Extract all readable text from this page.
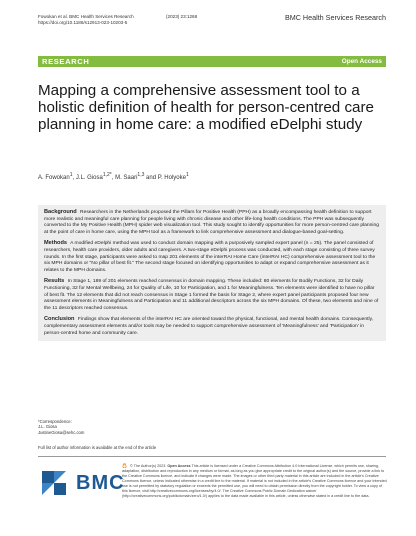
Fowokan et al. BMC Health Services Research
https://doi.org/10.1186/s12913-023-10203-5
(2023) 23:1268	BMC Health Services Research
RESEARCH	Open Access
Mapping a comprehensive assessment tool to a holistic definition of health for person-centred care planning in home care: a modified eDelphi study

A. Fowokan$^1$, J.L. Giosa$^{1,2*}$, M. Saari$^{1,3}$ and P. Holyoke$^1$

Background Researchers in the Netherlands proposed the Pillars for Positive Health (PPH) as a broadly encompassing health definition to support more realistic and meaningful care planning for people living with chronic disease and other life-long health conditions. The PPH was subsequently converted to the My Positive Health (MPH) spider web visualization tool. This study sought to identify opportunities for more person-centred care planning at the point of care in home care, using the MPH tool as a framework to link comprehensive assessment and dialogue-based goal-setting.

Methods A modified eDelphi method was used to conduct domain mapping with a purposively sampled expert panel (n = 25). The panel consisted of researchers, health care providers, older adults and caregivers. A two-stage eDelphi process was conducted, with each stage consisting of three survey rounds. In the first stage, participants were asked to map 201 elements of the interRAI Home Care (interRAI HC) comprehensive assessment tool to the six MPH domains or "No pillar of best fit." The second stage focused on identifying opportunities to adapt or expand comprehensive assessment as it relates to the MPH domains.

Results In Stage 1, 189 of 201 elements reached consensus in domain mapping. These included: 80 elements for Bodily Functions, 32 for Daily Functioning, 32 for Mental Wellbeing, 24 for Quality of Life, 10 for Participation, and 1 for Meaningfulness. Ten elements were identified to have no pillar of best fit. The 12 elements that did not reach consensus in Stage 1 formed the basis for Stage 2, where expert panel participants proposed four new assessment elements in Meaningfulness and Participation and 11 additional descriptors across the six MPH domains. Of these, two elements and nine of the 11 descriptors reached consensus.

Conclusion Findings show that elements of the interRAI HC are oriented toward the physical, functional, and mental health domains. Consequently, complementary assessment elements and/or tools may be needed to support comprehensive assessment of 'Meaningfulness' and 'Participation' in person-centred home and community care.

*Correspondence:
J.L. Giosa
JustineGiosa@sehc.com
Full list of author information is available at the end of the article
BMC

© The Author(s) 2023. Open Access This article is licensed under a Creative Commons Attribution 4.0 International License, which permits use, sharing, adaptation, distribution and reproduction in any medium or format, as long as you give appropriate credit to the original author(s) and the source, provide a link to the Creative Commons licence, and indicate if changes were made. The images or other third party material in this article are included in the article's Creative Commons licence, unless indicated otherwise in a credit line to the material. If material is not included in the article's Creative Commons licence and your intended use is not permitted by statutory regulation or exceeds the permitted use, you will need to obtain permission directly from the copyright holder. To view a copy of this licence, visit http://creativecommons.org/licenses/by/4.0/. The Creative Commons Public Domain Dedication waiver (http://creativecommons.org/publicdomain/zero/1.0/) applies to the data made available in this article, unless otherwise stated in a credit line to the data.
